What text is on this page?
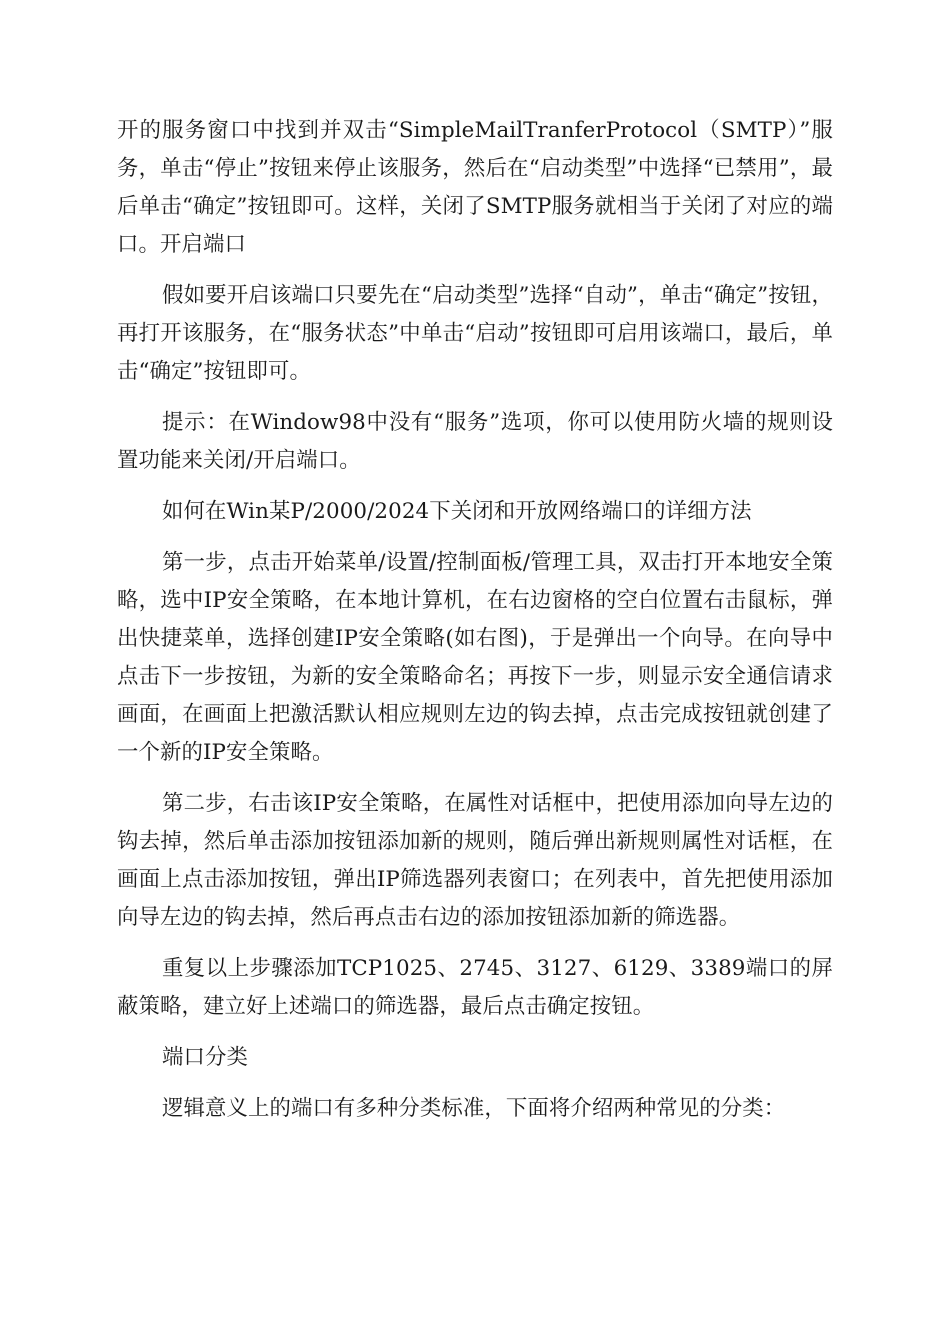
开的服务窗口中找到并双击“SimpleMailTranferProtocol（SMTP）”服务，单击“停止”按钮来停止该服务，然后在“启动类型”中选择“已禁用”，最后单击“确定”按钮即可。这样，关闭了SMTP服务就相当于关闭了对应的端口。开启端口

假如要开启该端口只要先在“启动类型”选择“自动”，单击“确定”按钮，再打开该服务，在“服务状态”中单击“启动”按钮即可启用该端口，最后，单击“确定”按钮即可。

提示：在Window98中没有“服务”选项，你可以使用防火墙的规则设置功能来关闭/开启端口。

如何在Win某P/2000/2024下关闭和开放网络端口的详细方法

第一步，点击开始菜单/设置/控制面板/管理工具，双击打开本地安全策略，选中IP安全策略，在本地计算机，在右边窗格的空白位置右击鼠标，弹出快捷菜单，选择创建IP安全策略(如右图)，于是弹出一个向导。在向导中点击下一步按钮，为新的安全策略命名；再按下一步，则显示安全通信请求画面，在画面上把激活默认相应规则左边的钩去掉，点击完成按钮就创建了一个新的IP安全策略。

第二步，右击该IP安全策略，在属性对话框中，把使用添加向导左边的钩去掉，然后单击添加按钮添加新的规则，随后弹出新规则属性对话框，在画面上点击添加按钮，弹出IP筛选器列表窗口；在列表中，首先把使用添加向导左边的钩去掉，然后再点击右边的添加按钮添加新的筛选器。

重复以上步骤添加TCP1025、2745、3127、6129、3389端口的屏蔽策略，建立好上述端口的筛选器，最后点击确定按钮。

端口分类

逻辑意义上的端口有多种分类标准，下面将介绍两种常见的分类：
